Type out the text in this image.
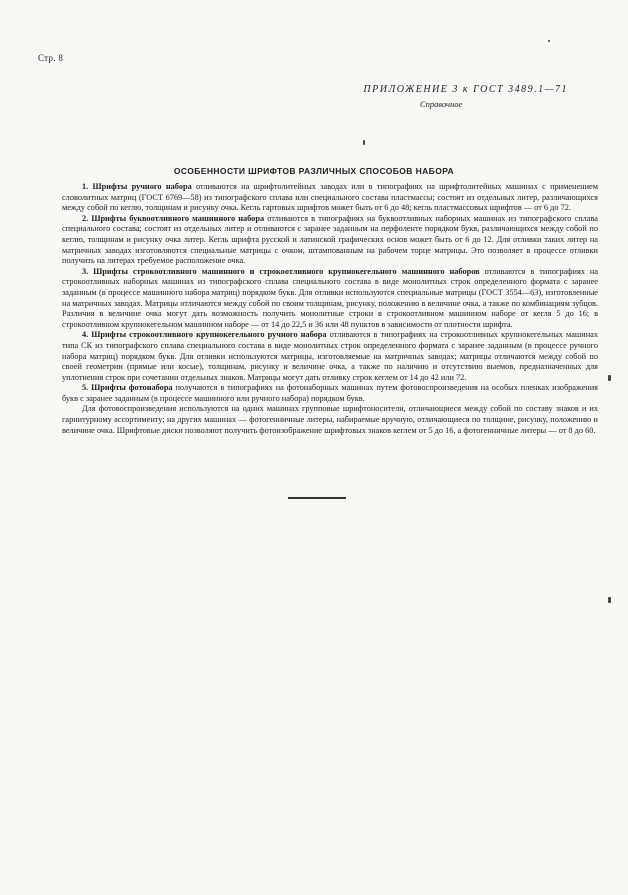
Стр. 8
ПРИЛОЖЕНИЕ 3 к ГОСТ 3489.1—71
Справочное
ОСОБЕННОСТИ ШРИФТОВ РАЗЛИЧНЫХ СПОСОБОВ НАБОРА

1. Шрифты ручного набора отливаются на шрифтолитейных заводах или в типографиях на шрифтолитейных машинах с применением словолитных матриц (ГОСТ 6769—58) из типографского сплава или специального состава пластмассы; состоят из отдельных литер, различающихся между собой по кеглю, толщинам и рисунку очка. Кегль гартовых шрифтов может быть от 6 до 48; кегль пластмассовых шрифтов — от 6 до 72.

2. Шрифты буквоотливного машинного набора отливаются в типографиях на буквоотливных наборных машинах из типографского сплава специального состава; состоят из отдельных литер и отливаются с заранее заданным на перфоленте порядком букв, различающихся между собой по кеглю, толщинам и рисунку очка литер. Кегль шрифта русской и латинской графических основ может быть от 6 до 12. Для отливки таких литер на матричных заводах изготовляются специальные матрицы с очком, штампованным на рабочем торце матрицы. Это позволяет в процессе отливки получить на литерах требуемое расположение очка.

3. Шрифты строкоотливного машинного и строкоотливного крупнокегельного машинного наборов отливаются в типографиях на строкоотливных наборных машинах из типографского сплава специального состава в виде монолитных строк определенного формата с заранее заданным (в процессе машинного набора матриц) порядком букв. Для отливки используются специальные матрицы (ГОСТ 3554—63), изготовленные на матричных заводах. Матрицы отличаются между собой по своим толщинам, рисунку, положению в величине очка, а также по комбинациям зубцов. Различия в величине очка могут дать возможность получить монолитные строки в строкоотливном машинном наборе от кегля 5 до 16; в строкоотливном крупнокегельном машинном наборе — от 14 до 22,5 и 36 или 48 пунктов в зависимости от плотности шрифта.

4. Шрифты строкоотливного крупнокегельного ручного набора отливаются в типографиях на строкоотливных крупнокегельных машинах типа СК из типографского сплава специального состава в виде монолитных строк определенного формата с заранее заданным (в процессе ручного набора матриц) порядком букв. Для отливки используются матрицы, изготовляемые на матричных заводах; матрицы отличаются между собой по своей геометрии (прямые или косые), толщинам, рисунку и величине очка, а также по наличию и отсутствию выемов, предназначенных для уплотнения строк при сочетании отдельных знаков. Матрицы могут дать отливку строк кеглем от 14 до 42 или 72.

5. Шрифты фотонабора получаются в типографиях на фотонаборных машинах путем фотовоспроизведения на особых пленках изображения букв с заранее заданным (в процессе машинного или ручного набора) порядком букв.

Для фотовоспроизведения используются на одних машинах групповые шрифтоносители, отличающиеся между собой по составу знаков и их гарнитурному ассортименту; на других машинах — фотогенничные литеры, набираемые вручную, отличающиеся по толщине, рисунку, положению и величине очка. Шрифтовые диски позволяют получить фотоизображение шрифтовых знаков кеглем от 5 до 16, а фотогенничные литеры — от 8 до 60.
